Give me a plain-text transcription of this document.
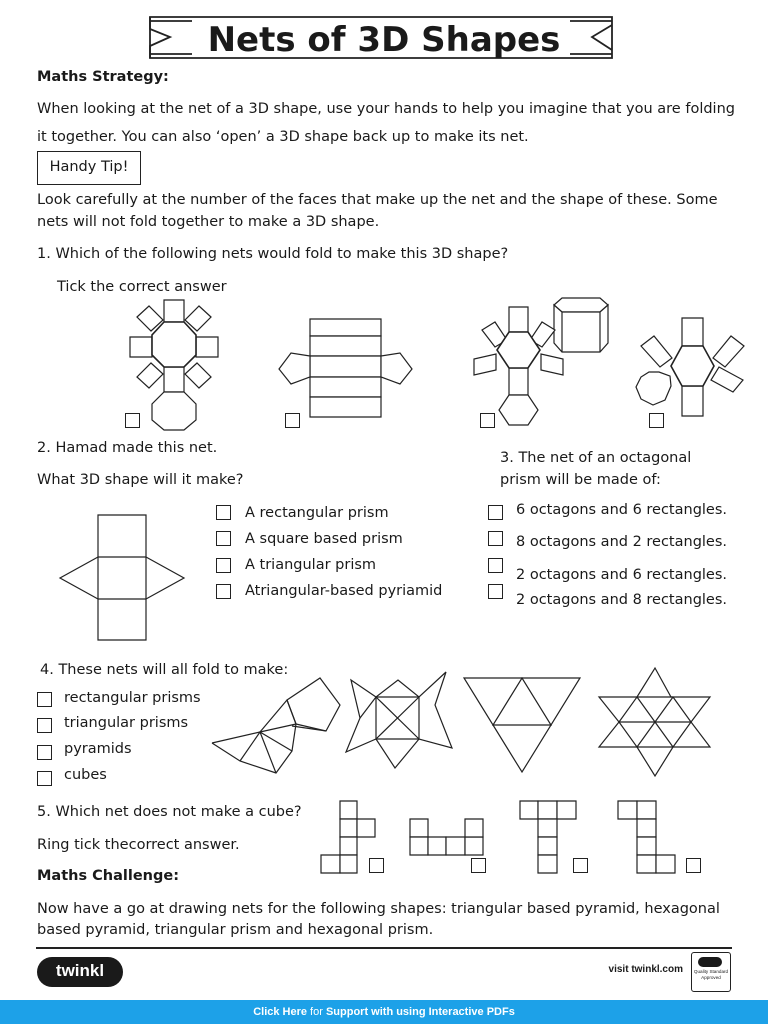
Nets of 3D Shapes
Maths Strategy:
When looking at the net of a 3D shape, use your hands to help you imagine that you are folding
it together. You can also ‘open’ a 3D shape back up to make its net.
Handy Tip!
Look carefully at the number of the faces that make up the net and the shape of these. Some
nets will not fold together to make a 3D shape.
1. Which of the following nets would fold to make this 3D shape?
Tick the correct answer
2. Hamad made this net.
What 3D shape will it make?
A rectangular prism
A square based prism
A triangular prism
Atriangular-based pyriamid
3. The net of an octagonal
prism will be made of:
6 octagons and 6 rectangles.
8 octagons and 2 rectangles.
2 octagons and 6 rectangles.
2 octagons and 8 rectangles.
4. These nets will all fold to make:
rectangular prisms
triangular prisms
pyramids
cubes
5. Which net does not make a cube?
Ring tick thecorrect answer.
Maths Challenge:
Now have a go at drawing nets for the following shapes: triangular based pyramid, hexagonal
based pyramid, triangular prism and hexagonal prism.
twinkl	visit twinkl.com Quality Standard Approved
Click Here for Support with using Interactive PDFs
